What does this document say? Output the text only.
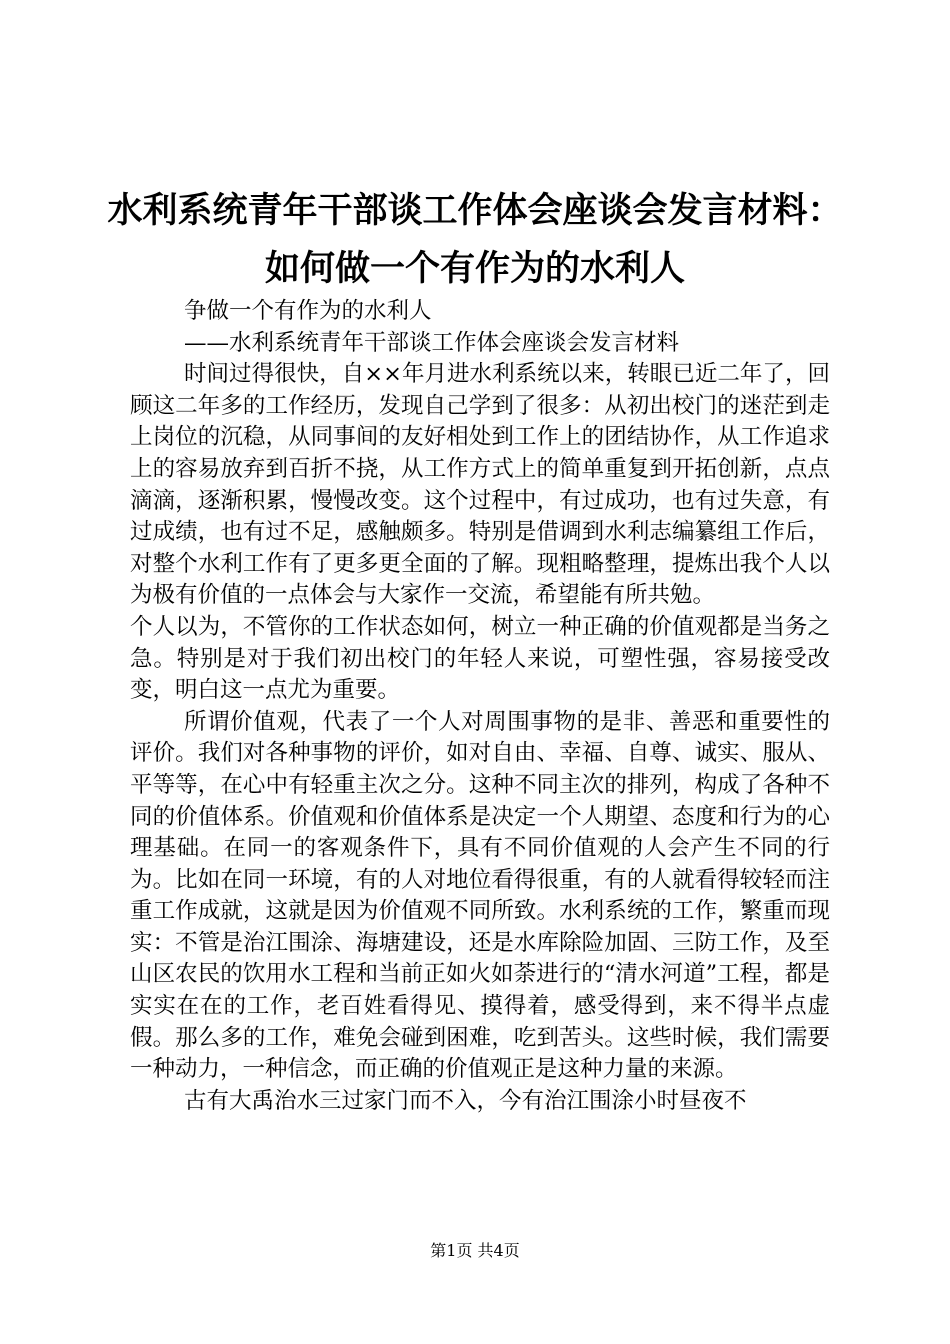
水利系统青年干部谈工作体会座谈会发言材料：
如何做一个有作为的水利人

争做一个有作为的水利人

——水利系统青年干部谈工作体会座谈会发言材料

时间过得很快，自××年月进水利系统以来，转眼已近二年了，回顾这二年多的工作经历，发现自己学到了很多：从初出校门的迷茫到走上岗位的沉稳，从同事间的友好相处到工作上的团结协作，从工作追求上的容易放弃到百折不挠，从工作方式上的简单重复到开拓创新，点点滴滴，逐渐积累，慢慢改变。这个过程中，有过成功，也有过失意，有过成绩，也有过不足，感触颇多。特别是借调到水利志编纂组工作后，对整个水利工作有了更多更全面的了解。现粗略整理，提炼出我个人以为极有价值的一点体会与大家作一交流，希望能有所共勉。

个人以为，不管你的工作状态如何，树立一种正确的价值观都是当务之急。特别是对于我们初出校门的年轻人来说，可塑性强，容易接受改变，明白这一点尤为重要。

所谓价值观，代表了一个人对周围事物的是非、善恶和重要性的评价。我们对各种事物的评价，如对自由、幸福、自尊、诚实、服从、平等等，在心中有轻重主次之分。这种不同主次的排列，构成了各种不同的价值体系。价值观和价值体系是决定一个人期望、态度和行为的心理基础。在同一的客观条件下，具有不同价值观的人会产生不同的行为。比如在同一环境，有的人对地位看得很重，有的人就看得较轻而注重工作成就，这就是因为价值观不同所致。水利系统的工作，繁重而现实：不管是治江围涂、海塘建设，还是水库除险加固、三防工作，及至山区农民的饮用水工程和当前正如火如荼进行的“清水河道”工程，都是实实在在的工作，老百姓看得见、摸得着，感受得到，来不得半点虚假。那么多的工作，难免会碰到困难，吃到苦头。这些时候，我们需要一种动力，一种信念，而正确的价值观正是这种力量的来源。

古有大禹治水三过家门而不入，今有治江围涂小时昼夜不

第1页 共4页
